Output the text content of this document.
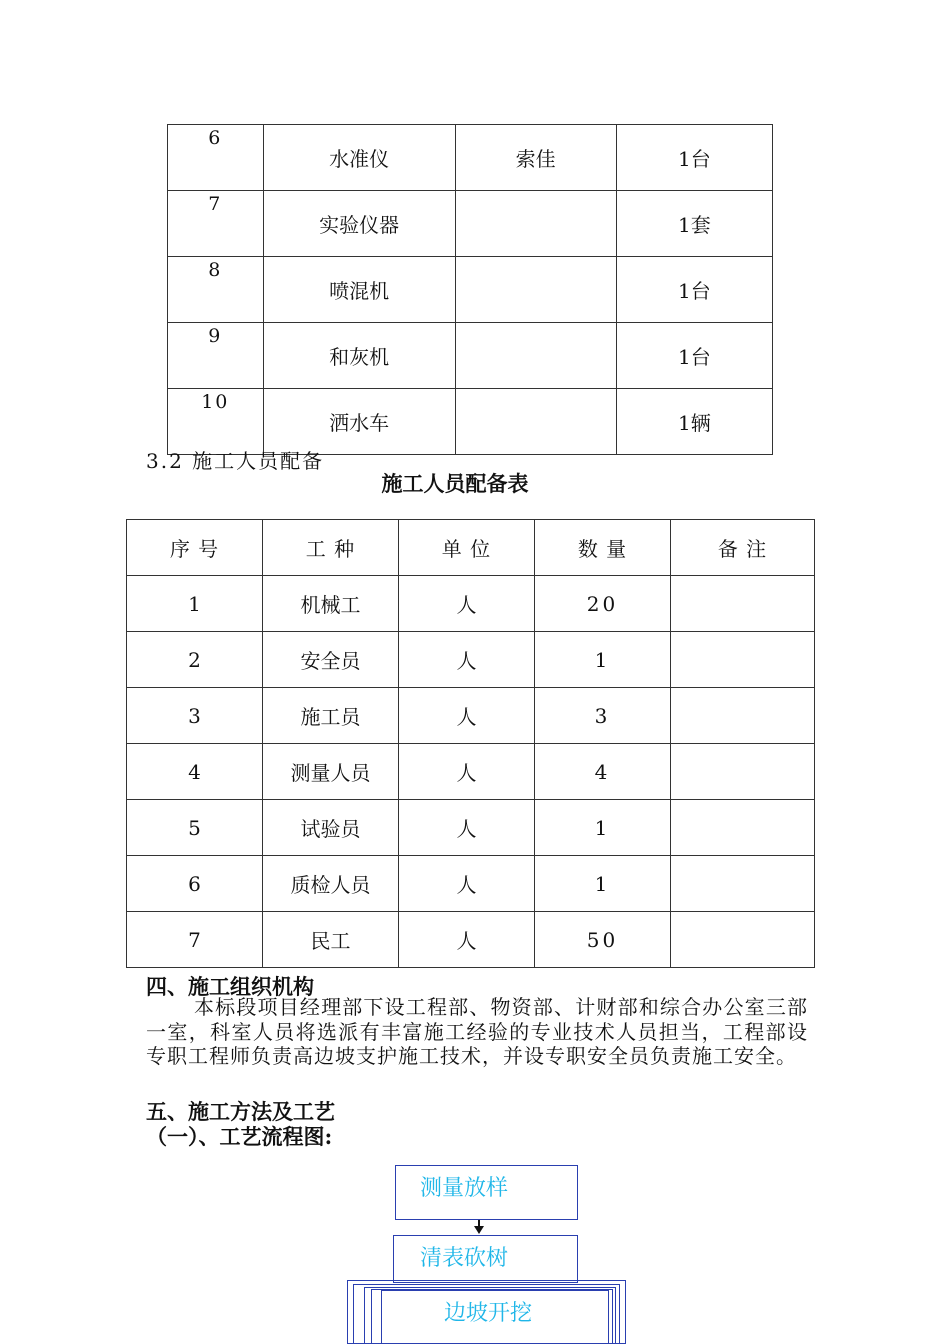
6	水准仪	索佳	1台
7	实验仪器		1套
8	喷混机		1台
9	和灰机		1台
10	洒水车		1辆

3.2 施工人员配备

施工人员配备表

序 号	工 种	单 位	数 量	备 注
1	机械工	人	20	
2	安全员	人	1	
3	施工员	人	3	
4	测量人员	人	4	
5	试验员	人	1	
6	质检人员	人	1	
7	民工	人	50	

四、施工组织机构

本标段项目经理部下设工程部、物资部、计财部和综合办公室三部一室，科室人员将选派有丰富施工经验的专业技术人员担当，工程部设专职工程师负责高边坡支护施工技术，并设专职安全员负责施工安全。

五、施工方法及工艺

（一）、工艺流程图:

测量放样
清表砍树
边坡开挖
